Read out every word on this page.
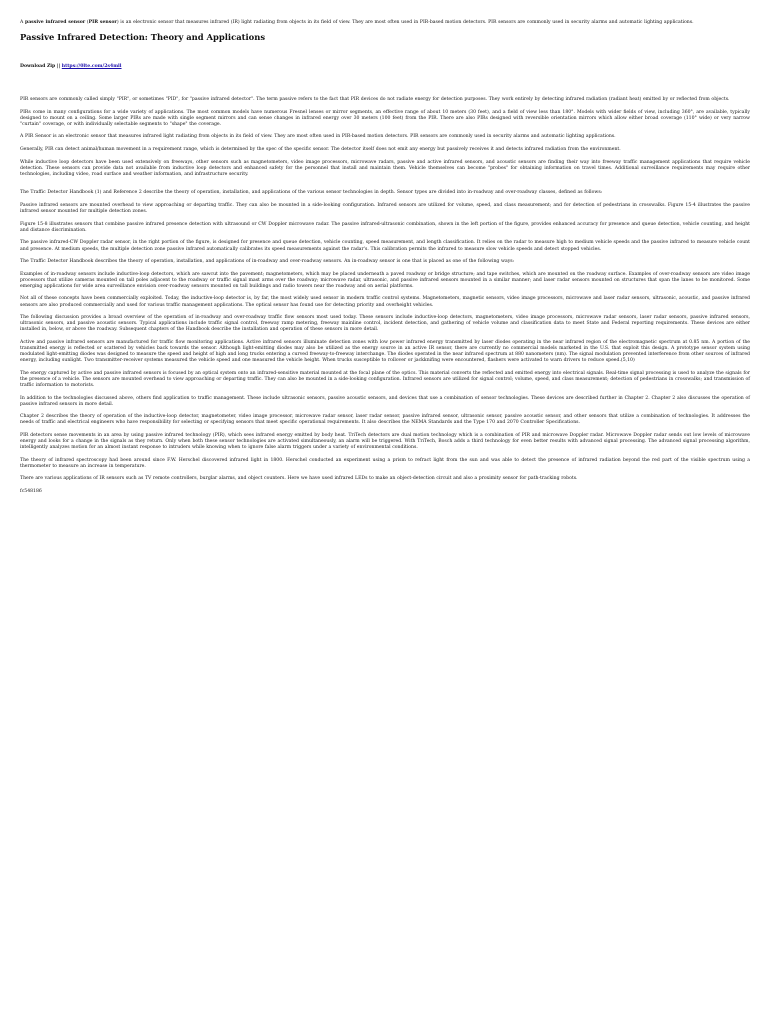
A passive infrared sensor (PIR sensor) is an electronic sensor that measures infrared (IR) light radiating from objects in its field of view. They are most often used in PIR-based motion detectors. PIR sensors are commonly used in security alarms and automatic lighting applications.

Passive Infrared Detection: Theory and Applications
Download Zip || https://0lte.com/2s4mll

PIR sensors are commonly called simply "PIR", or sometimes "PID", for "passive infrared detector". The term passive refers to the fact that PIR devices do not radiate energy for detection purposes. They work entirely by detecting infrared radiation (radiant heat) emitted by or reflected from objects.

PIRs come in many configurations for a wide variety of applications. The most common models have numerous Fresnel lenses or mirror segments, an effective range of about 10 meters (30 feet), and a field of view less than 180°. Models with wider fields of view, including 360°, are available, typically designed to mount on a ceiling. Some larger PIRs are made with single segment mirrors and can sense changes in infrared energy over 30 meters (100 feet) from the PIR. There are also PIRs designed with reversible orientation mirrors which allow either broad coverage (110° wide) or very narrow "curtain" coverage, or with individually selectable segments to "shape" the coverage.

A PIR Sensor is an electronic sensor that measures infrared light radiating from objects in its field of view. They are most often used in PIR-based motion detectors. PIR sensors are commonly used in security alarms and automatic lighting applications.

Generally, PIR can detect animal/human movement in a requirement range, which is determined by the spec of the specific sensor. The detector itself does not emit any energy but passively receives it and detects infrared radiation from the environment.

While inductive loop detectors have been used extensively on freeways, other sensors such as magnetometers, video image processors, microwave radars, passive and active infrared sensors, and acoustic sensors are finding their way into freeway traffic management applications that require vehicle detection. These sensors can provide data not available from inductive loop detectors and enhanced safety for the personnel that install and maintain them. Vehicle themselves can become "probes" for obtaining information on travel times. Additional surveillance requirements may require other technologies, including video, road surface and weather information, and infrastructure security.

The Traffic Detector Handbook (1) and Reference 2 describe the theory of operation, installation, and applications of the various sensor technologies in depth. Sensor types are divided into in-roadway and over-roadway classes, defined as follows:

Passive infrared sensors are mounted overhead to view approaching or departing traffic. They can also be mounted in a side-looking configuration. Infrared sensors are utilized for volume, speed, and class measurement; and for detection of pedestrians in crosswalks. Figure 15-4 illustrates the passive infrared sensor mounted for multiple detection zones.

Figure 15-8 illustrates sensors that combine passive infrared presence detection with ultrasound or CW Doppler microwave radar. The passive infrared-ultrasonic combination, shown in the left portion of the figure, provides enhanced accuracy for presence and queue detection, vehicle counting, and height and distance discrimination.

The passive infrared-CW Doppler radar sensor, in the right portion of the figure, is designed for presence and queue detection, vehicle counting, speed measurement, and length classification. It relies on the radar to measure high to medium vehicle speeds and the passive infrared to measure vehicle count and presence. At medium speeds, the multiple detection zone passive infrared automatically calibrates its speed measurements against the radar's. This calibration permits the infrared to measure slow vehicle speeds and detect stopped vehicles.

The Traffic Detector Handbook describes the theory of operation, installation, and applications of in-roadway and over-roadway sensors. An in-roadway sensor is one that is placed as one of the following ways:

Examples of in-roadway sensors include inductive-loop detectors, which are sawcut into the pavement; magnetometers, which may be placed underneath a paved roadway or bridge structure; and tape switches, which are mounted on the roadway surface. Examples of over-roadway sensors are video image processors that utilize cameras mounted on tall poles adjacent to the roadway or traffic signal mast arms over the roadway; microwave radar, ultrasonic, and passive infrared sensors mounted in a similar manner; and laser radar sensors mounted on structures that span the lanes to be monitored. Some emerging applications for wide area surveillance envision over-roadway sensors mounted on tall buildings and radio towers near the roadway and on aerial platforms.

Not all of these concepts have been commercially exploited. Today, the inductive-loop detector is, by far, the most widely used sensor in modern traffic control systems. Magnetometers, magnetic sensors, video image processors, microwave and laser radar sensors, ultrasonic, acoustic, and passive infrared sensors are also produced commercially and used for various traffic management applications. The optical sensor has found use for detecting priority and overheight vehicles.

The following discussion provides a broad overview of the operation of in-roadway and over-roadway traffic flow sensors most used today. These sensors include inductive-loop detectors, magnetometers, video image processors, microwave radar sensors, laser radar sensors, passive infrared sensors, ultrasonic sensors, and passive acoustic sensors. Typical applications include traffic signal control, freeway ramp metering, freeway mainline control, incident detection, and gathering of vehicle volume and classification data to meet State and Federal reporting requirements. These devices are either installed in, below, or above the roadway. Subsequent chapters of the Handbook describe the installation and operation of these sensors in more detail.

Active and passive infrared sensors are manufactured for traffic flow monitoring applications. Active infrared sensors illuminate detection zones with low power infrared energy transmitted by laser diodes operating in the near infrared region of the electromagnetic spectrum at 0.85 nm. A portion of the transmitted energy is reflected or scattered by vehicles back towards the sensor. Although light-emitting diodes may also be utilized as the energy source in an active IR sensor, there are currently no commercial models marketed in the U.S. that exploit this design. A prototype sensor system using modulated light-emitting diodes was designed to measure the speed and height of high and long trucks entering a curved freeway-to-freeway interchange. The diodes operated in the near infrared spectrum at 880 nanometers (nm). The signal modulation prevented interference from other sources of infrared energy, including sunlight. Two transmitter-receiver systems measured the vehicle speed and one measured the vehicle height. When trucks susceptible to rollover or jackknifing were encountered, flashers were activated to warn drivers to reduce speed.(5,10)

The energy captured by active and passive infrared sensors is focused by an optical system onto an infrared-sensitive material mounted at the focal plane of the optics. This material converts the reflected and emitted energy into electrical signals. Real-time signal processing is used to analyze the signals for the presence of a vehicle. The sensors are mounted overhead to view approaching or departing traffic. They can also be mounted in a side-looking configuration. Infrared sensors are utilized for signal control; volume, speed, and class measurement; detection of pedestrians in crosswalks; and transmission of traffic information to motorists.

In addition to the technologies discussed above, others find application to traffic management. These include ultrasonic sensors, passive acoustic sensors, and devices that use a combination of sensor technologies. These devices are described further in Chapter 2. Chapter 2 also discusses the operation of passive infrared sensors in more detail.

Chapter 2 describes the theory of operation of the inductive-loop detector, magnetometer, video image processor, microwave radar sensor, laser radar sensor, passive infrared sensor, ultrasonic sensor, passive acoustic sensor, and other sensors that utilize a combination of technologies. It addresses the needs of traffic and electrical engineers who have responsibility for selecting or specifying sensors that meet specific operational requirements. It also describes the NEMA Standards and the Type 170 and 2070 Controller Specifications.

PIR detectors sense movements in an area by using passive infrared technology (PIR), which sees infrared energy emitted by body heat. TriTech detectors are dual motion technology which is a combination of PIR and microwave Doppler radar. Microwave Doppler radar sends out low levels of microwave energy and looks for a change in the signals as they return. Only when both these sensor technologies are activated simultaneously, an alarm will be triggered. With TriTech, Bosch adds a third technology for even better results with advanced signal processing. The advanced signal processing algorithm, intelligently analyzes motion for an almost instant response to intruders while knowing when to ignore false alarm triggers under a variety of environmental conditions.

The theory of infrared spectroscopy had been around since F.W. Herschel discovered infrared light in 1800. Herschel conducted an experiment using a prism to refract light from the sun and was able to detect the presence of infrared radiation beyond the red part of the visible spectrum using a thermometer to measure an increase in temperature.

There are various applications of IR sensors such as TV remote controllers, burglar alarms, and object counters. Here we have used infrared LEDs to make an object-detection circuit and also a proximity sensor for path-tracking robots.

fc548186
